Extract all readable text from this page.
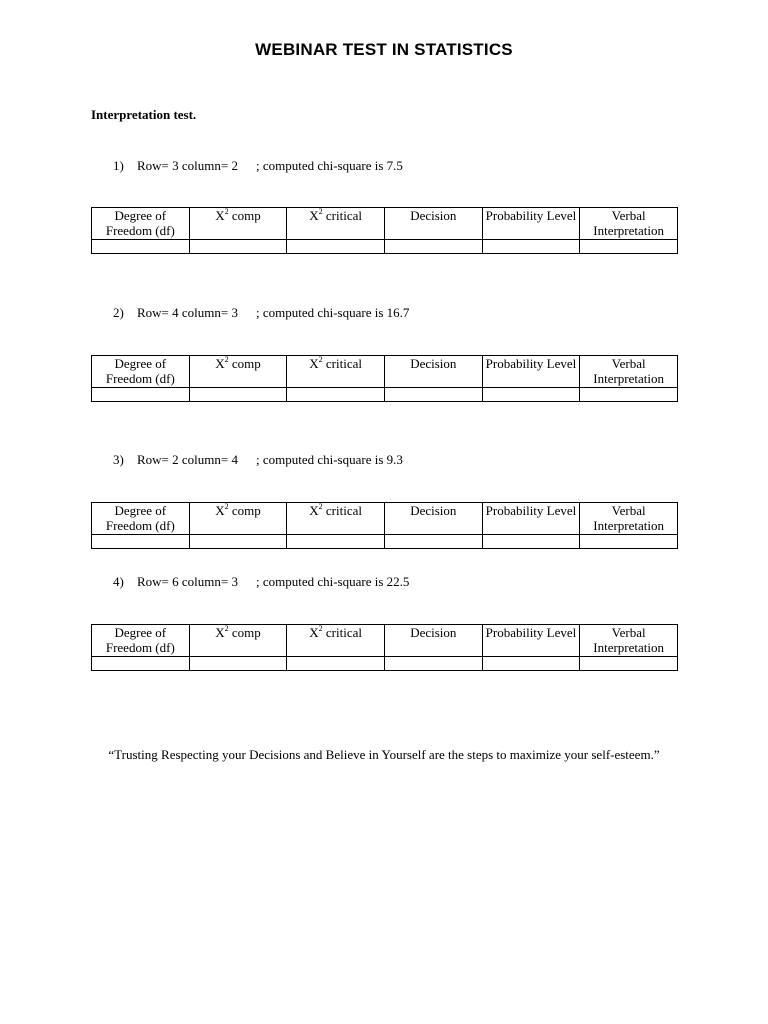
WEBINAR TEST IN STATISTICS
Interpretation test.
1) Row= 3 column= 2 ; computed chi-square is 7.5
Degree of Freedom (df)	$X^2$ comp	$X^2$ critical	Decision	Probability Level	Verbal Interpretation

2) Row= 4 column= 3 ; computed chi-square is 16.7
Degree of Freedom (df)	$X^2$ comp	$X^2$ critical	Decision	Probability Level	Verbal Interpretation

3) Row= 2 column= 4 ; computed chi-square is 9.3
Degree of Freedom (df)	$X^2$ comp	$X^2$ critical	Decision	Probability Level	Verbal Interpretation

4) Row= 6 column= 3 ; computed chi-square is 22.5
Degree of Freedom (df)	$X^2$ comp	$X^2$ critical	Decision	Probability Level	Verbal Interpretation

“Trusting Respecting your Decisions and Believe in Yourself are the steps to maximize your self-esteem.”
